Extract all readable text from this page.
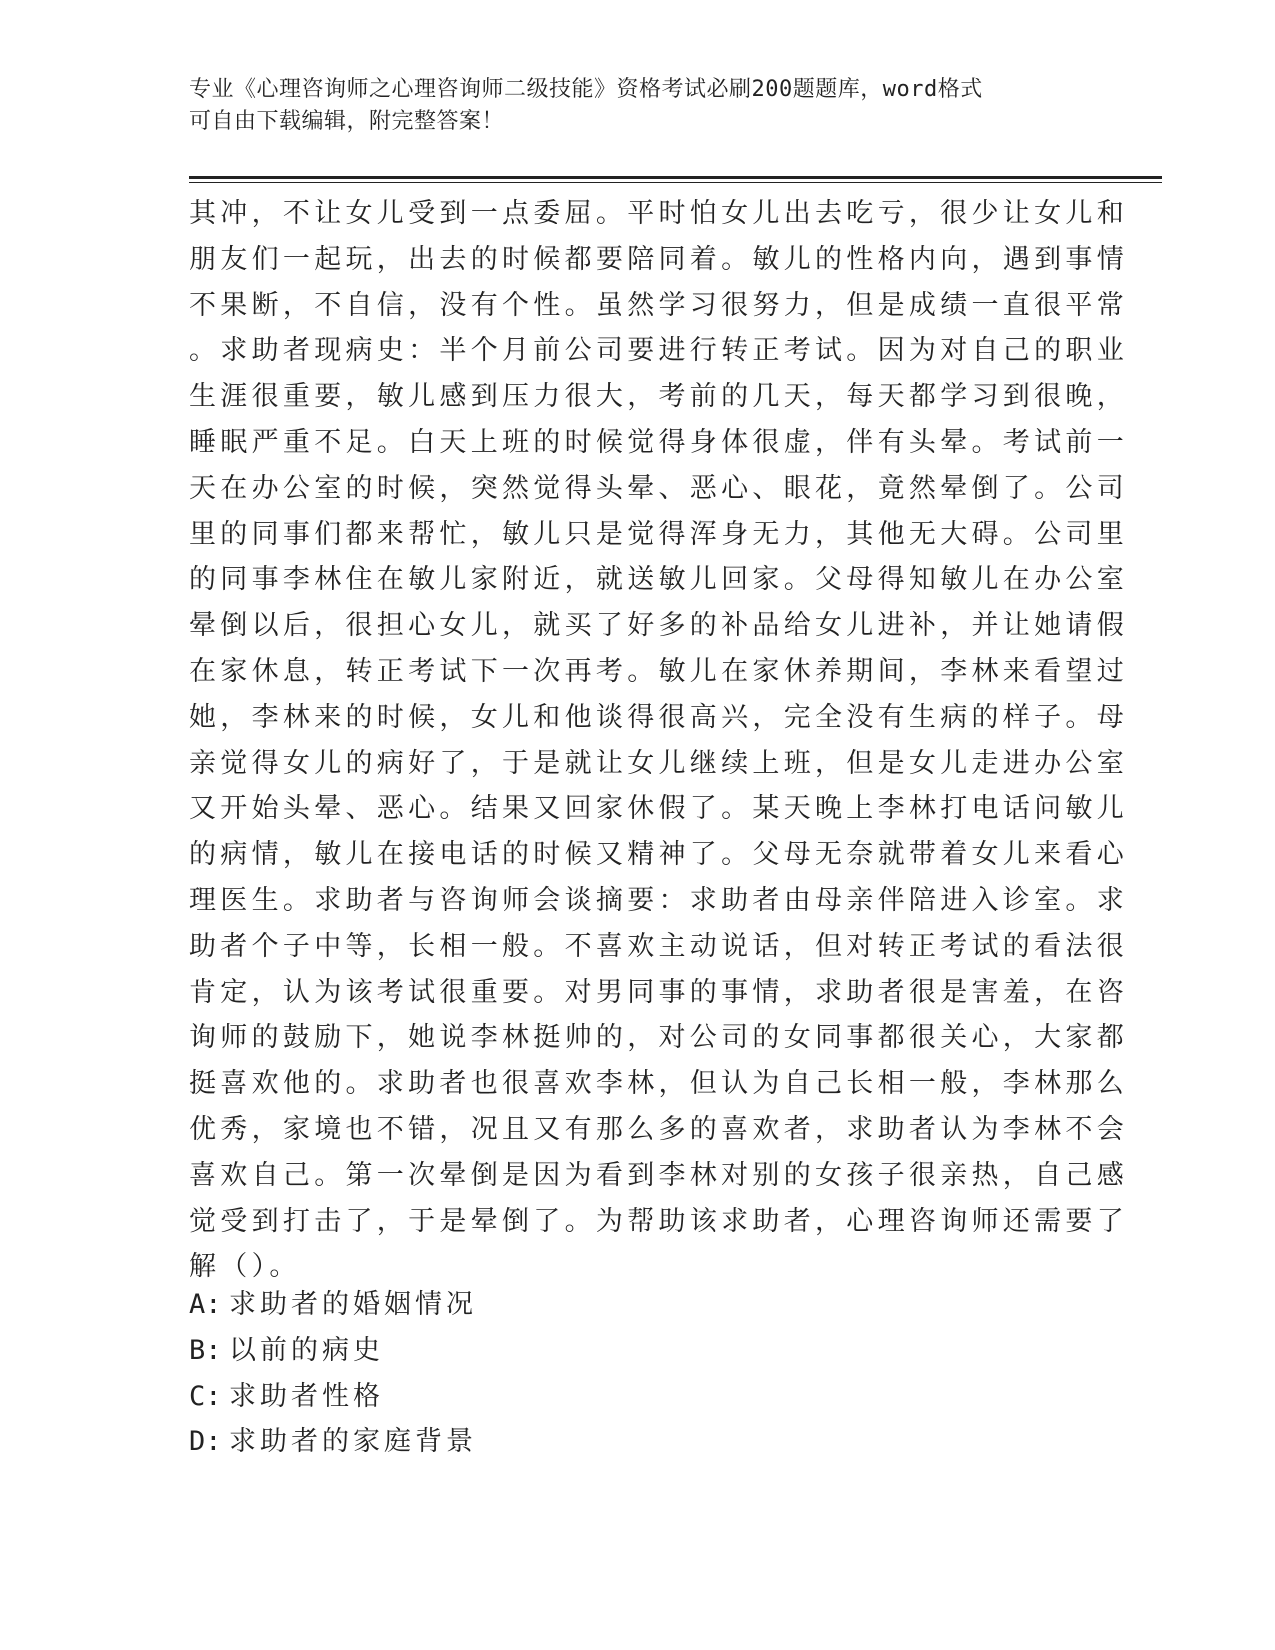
专业《心理咨询师之心理咨询师二级技能》资格考试必刷200题题库，word格式
可自由下载编辑，附完整答案！
其冲，不让女儿受到一点委屈。平时怕女儿出去吃亏，很少让女儿和
朋友们一起玩，出去的时候都要陪同着。敏儿的性格内向，遇到事情
不果断，不自信，没有个性。虽然学习很努力，但是成绩一直很平常
。求助者现病史：半个月前公司要进行转正考试。因为对自己的职业
生涯很重要，敏儿感到压力很大，考前的几天，每天都学习到很晚，
睡眠严重不足。白天上班的时候觉得身体很虚，伴有头晕。考试前一
天在办公室的时候，突然觉得头晕、恶心、眼花，竟然晕倒了。公司
里的同事们都来帮忙，敏儿只是觉得浑身无力，其他无大碍。公司里
的同事李林住在敏儿家附近，就送敏儿回家。父母得知敏儿在办公室
晕倒以后，很担心女儿，就买了好多的补品给女儿进补，并让她请假
在家休息，转正考试下一次再考。敏儿在家休养期间，李林来看望过
她，李林来的时候，女儿和他谈得很高兴，完全没有生病的样子。母
亲觉得女儿的病好了，于是就让女儿继续上班，但是女儿走进办公室
又开始头晕、恶心。结果又回家休假了。某天晚上李林打电话问敏儿
的病情，敏儿在接电话的时候又精神了。父母无奈就带着女儿来看心
理医生。求助者与咨询师会谈摘要：求助者由母亲伴陪进入诊室。求
助者个子中等，长相一般。不喜欢主动说话，但对转正考试的看法很
肯定，认为该考试很重要。对男同事的事情，求助者很是害羞，在咨
询师的鼓励下，她说李林挺帅的，对公司的女同事都很关心，大家都
挺喜欢他的。求助者也很喜欢李林，但认为自己长相一般，李林那么
优秀，家境也不错，况且又有那么多的喜欢者，求助者认为李林不会
喜欢自己。第一次晕倒是因为看到李林对别的女孩子很亲热，自己感
觉受到打击了，于是晕倒了。为帮助该求助者，心理咨询师还需要了
解（）。
A: 求助者的婚姻情况
B: 以前的病史
C: 求助者性格
D: 求助者的家庭背景
